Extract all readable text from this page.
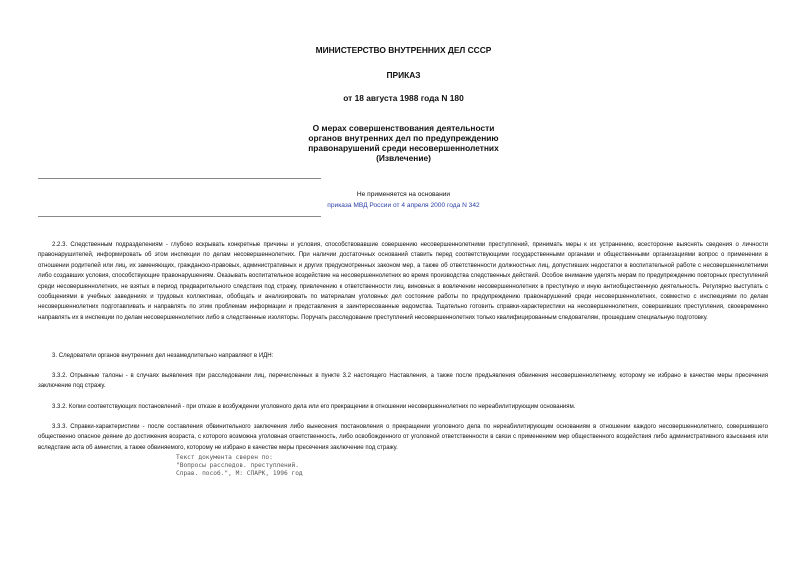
МИНИСТЕРСТВО ВНУТРЕННИХ ДЕЛ СССР
ПРИКАЗ
от 18 августа 1988 года N 180
О мерах совершенствования деятельности
органов внутренних дел по предупреждению
правонарушений среди несовершеннолетних
(Извлечение)
Не применяется на основании
приказа МВД России от 4 апреля 2000 года N 342
2.2.3. Следственным подразделениям - глубоко вскрывать конкретные причины и условия, способствовавшие совершению несовершеннолетними преступлений, принимать меры к их устранению, всесторонне выяснять сведения о личности правонарушителей, информировать об этом инспекции по делам несовершеннолетних. При наличии достаточных оснований ставить перед соответствующими государственными органами и общественными организациями вопрос о применении в отношении родителей или лиц, их заменяющих, гражданско-правовых, административных и других предусмотренных законом мер, а также об ответственности должностных лиц, допустивших недостатки в воспитательной работе с несовершеннолетними либо создавших условия, способствующие правонарушениям. Оказывать воспитательное воздействие на несовершеннолетних во время производства следственных действий. Особое внимание уделять мерам по предупреждению повторных преступлений среди несовершеннолетних, не взятых в период предварительного следствия под стражу, привлечению к ответственности лиц, виновных в вовлечении несовершеннолетних в преступную и иную антиобщественную деятельность. Регулярно выступать с сообщениями в учебных заведениях и трудовых коллективах, обобщать и анализировать по материалам уголовных дел состояние работы по предупреждению правонарушений среди несовершеннолетних, совместно с инспекциями по делам несовершеннолетних подготавливать и направлять по этим проблемам информации и представления в заинтересованные ведомства. Тщательно готовить справки-характеристики на несовершеннолетних, совершивших преступления, своевременно направлять их в инспекции по делам несовершеннолетних либо в следственные изоляторы. Поручать расследование преступлений несовершеннолетних только квалифицированным следователям, прошедшим специальную подготовку.
3. Следователи органов внутренних дел незамедлительно направляют в ИДН:
3.3.2. Отрывные талоны - в случаях выявления при расследовании лиц, перечисленных в пункте 3.2 настоящего Наставления, а также после предъявления обвинения несовершеннолетнему, которому не избрано в качестве меры пресечения заключение под стражу.
3.3.2. Копии соответствующих постановлений - при отказе в возбуждении уголовного дела или его прекращении в отношении несовершеннолетних по нереабилитирующим основаниям.
3.3.3. Справки-характеристики - после составления обвинительного заключения либо вынесения постановления о прекращении уголовного дела по нереабилитирующим основаниям в отношении каждого несовершеннолетнего, совершившего общественно опасное деяние до достижения возраста, с которого возможна уголовная ответственность, либо освобожденного от уголовной ответственности в связи с применением мер общественного воздействия либо административного взыскания или вследствие акта об амнистии, а также обвиняемого, которому не избрано в качестве меры пресечения заключение под стражу.
Текст документа сверен по:
"Вопросы расследов. преступлений.
Справ. пособ.", М: СПАРК, 1996 год
